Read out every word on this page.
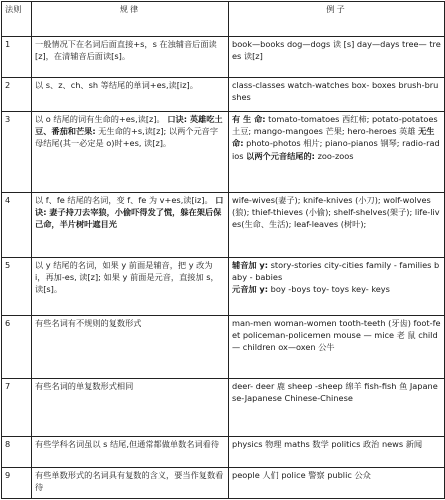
法则	规律	例子
1	一般情况下在名词后面直接+s，s 在浊辅音后面读[z]，在清辅音后面读[s]。	book—books dog—dogs 读 [s] day—days tree— trees 读[z]
2	以 s、z、ch、sh 等结尾的单词+es,读[iz]。	class-classes watch-watches box- boxes brush-brushes
3	以 o 结尾的词有生命的+es,读[z]。 口诀: 英雄吃土豆、番茄和芒果: 无生命的+s,读[z]; 以两个元音字母结尾(其一必定是 o)时+es, 读[z]。	有 生 命: tomato-tomatoes 西红柿; potato-potatoes 土豆; mango-mangoes 芒果; hero-heroes 英雄 无生命: photo-photos 相片; piano-pianos 钢琴; radio-radios 以两个元音结尾的: zoo-zoos
4	以 f、fe 结尾的名词，变 f、fe 为 v+es,读[iz]。 口诀: 妻子持刀去宰狼，小偷吓得发了慌，躲在架后保己命，半片树叶遮目光	wife-wives(妻子); knife-knives (小刀); wolf-wolves (狼); thief-thieves (小偷); shelf-shelves(架子); life-lives(生命、生活); leaf-leaves (树叶);
5	以 y 结尾的名词，如果 y 前面是辅音，把 y 改为 i，再加-es, 读[z]; 如果 y 前面是元音，直接加 s，读[s]。	辅音加 y: story-stories city-cities family - families baby - babies
元音加 y: boy -boys toy- toys key- keys
6	有些名词有不规则的复数形式	man-men woman-women tooth-teeth (牙齿) foot-feet policeman-policemen mouse — mice 老 鼠 child — children ox—oxen 公牛
7	有些名词的单复数形式相同	deer- deer 鹿 sheep -sheep 绵羊 fish-fish 鱼 Japanese-Japanese Chinese-Chinese
8	有些学科名词虽以 s 结尾,但通常都做单数名词看待	physics 物理 maths 数学 politics 政治 news 新闻
9	有些单数形式的名词具有复数的含义，要当作复数看待	people 人们 police 警察 public 公众
